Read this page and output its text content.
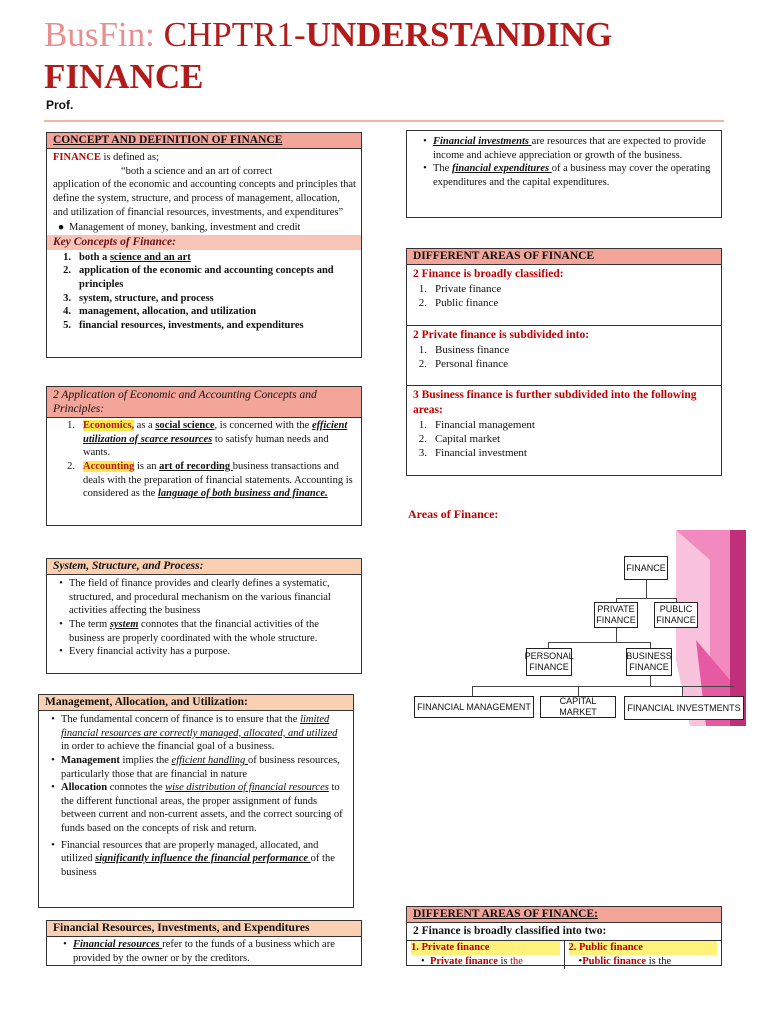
BusFin: CHPTR1-UNDERSTANDING
FINANCE
Prof.
CONCEPT AND DEFINITION OF FINANCE
FINANCE is defined as;
“both a science and an art of correct
application of the economic and accounting concepts and principles that define the system, structure, and process of management, allocation, and utilization of financial resources, investments, and expenditures”
● Management of money, banking, investment and credit
Key Concepts of Finance:
1. both a science and an art
2. application of the economic and accounting concepts and principles
3. system, structure, and process
4. management, allocation, and utilization
5. financial resources, investments, and expenditures
2 Application of Economic and Accounting Concepts and Principles:
1. Economics, as a social science, is concerned with the efficient utilization of scarce resources to satisfy human needs and wants.
2. Accounting is an art of recording business transactions and deals with the preparation of financial statements. Accounting is considered as the language of both business and finance.
System, Structure, and Process:
• The field of finance provides and clearly defines a systematic, structured, and procedural mechanism on the various financial activities affecting the business
• The term system connotes that the financial activities of the business are properly coordinated with the whole structure.
• Every financial activity has a purpose.
Management, Allocation, and Utilization:
• The fundamental concern of finance is to ensure that the limited financial resources are correctly managed, allocated, and utilized in order to achieve the financial goal of a business.
• Management implies the efficient handling of business resources, particularly those that are financial in nature
• Allocation connotes the wise distribution of financial resources to the different functional areas, the proper assignment of funds between current and non-current assets, and the correct sourcing of funds based on the concepts of risk and return.
• Financial resources that are properly managed, allocated, and utilized significantly influence the financial performance of the business
Financial Resources, Investments, and Expenditures
• Financial resources refer to the funds of a business which are provided by the owner or by the creditors.
• Financial investments are resources that are expected to provide income and achieve appreciation or growth of the business.
• The financial expenditures of a business may cover the operating expenditures and the capital expenditures.
DIFFERENT AREAS OF FINANCE
2 Finance is broadly classified:
1. Private finance
2. Public finance
2 Private finance is subdivided into:
1. Business finance
2. Personal finance
3 Business finance is further subdivided into the following areas:
1. Financial management
2. Capital market
3. Financial investment
Areas of Finance:
FINANCE
PRIVATE FINANCE
PUBLIC FINANCE
PERSONAL FINANCE
BUSINESS FINANCE
FINANCIAL MANAGEMENT
CAPITAL MARKET	FINANCIAL INVESTMENTS
DIFFERENT AREAS OF FINANCE:
2 Finance is broadly classified into two:
1. Private finance
•  Private finance is the
2. Public finance
•Public finance is the
